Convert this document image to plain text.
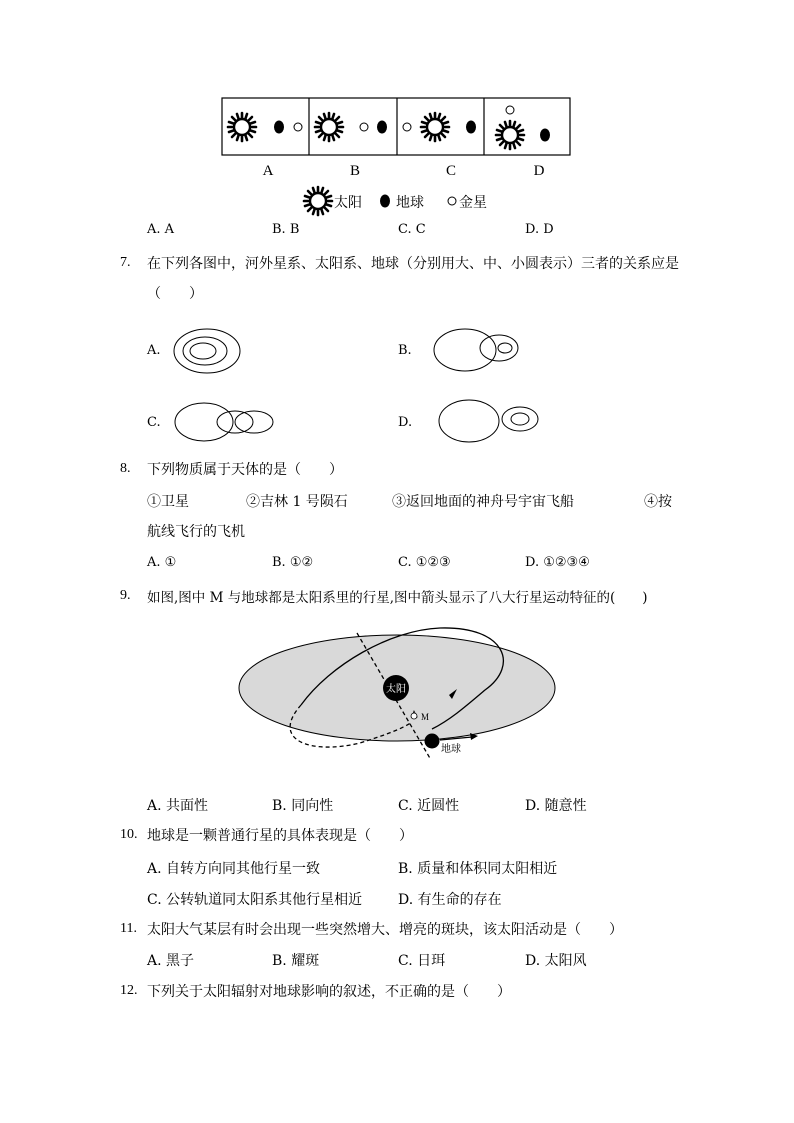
A	B	C	D
太阳 地球	金星
A. A	B. B	C. C	D. D
7. 在下列各图中，河外星系、太阳系、地球（分别用大、中、小圆表示）三者的关系应是
（　　）
A.	B.
C.	D.
8. 下列物质属于天体的是（　　）
①卫星	②吉林 1 号陨石	③返回地面的神舟号宇宙飞船	④按
航线飞行的飞机
A. ①	B. ①②	C. ①②③	D. ①②③④
9. 如图,图中 M 与地球都是太阳系里的行星,图中箭头显示了八大行星运动特征的(　　)
太阳
M
地球
A. 共面性	B. 同向性	C. 近圆性	D. 随意性
10. 地球是一颗普通行星的具体表现是（　　）
A. 自转方向同其他行星一致	B. 质量和体积同太阳相近
C. 公转轨道同太阳系其他行星相近	D. 有生命的存在
11. 太阳大气某层有时会出现一些突然增大、增亮的斑块，该太阳活动是（　　）
A. 黑子	B. 耀斑	C. 日珥	D. 太阳风
12. 下列关于太阳辐射对地球影响的叙述，不正确的是（　　）
